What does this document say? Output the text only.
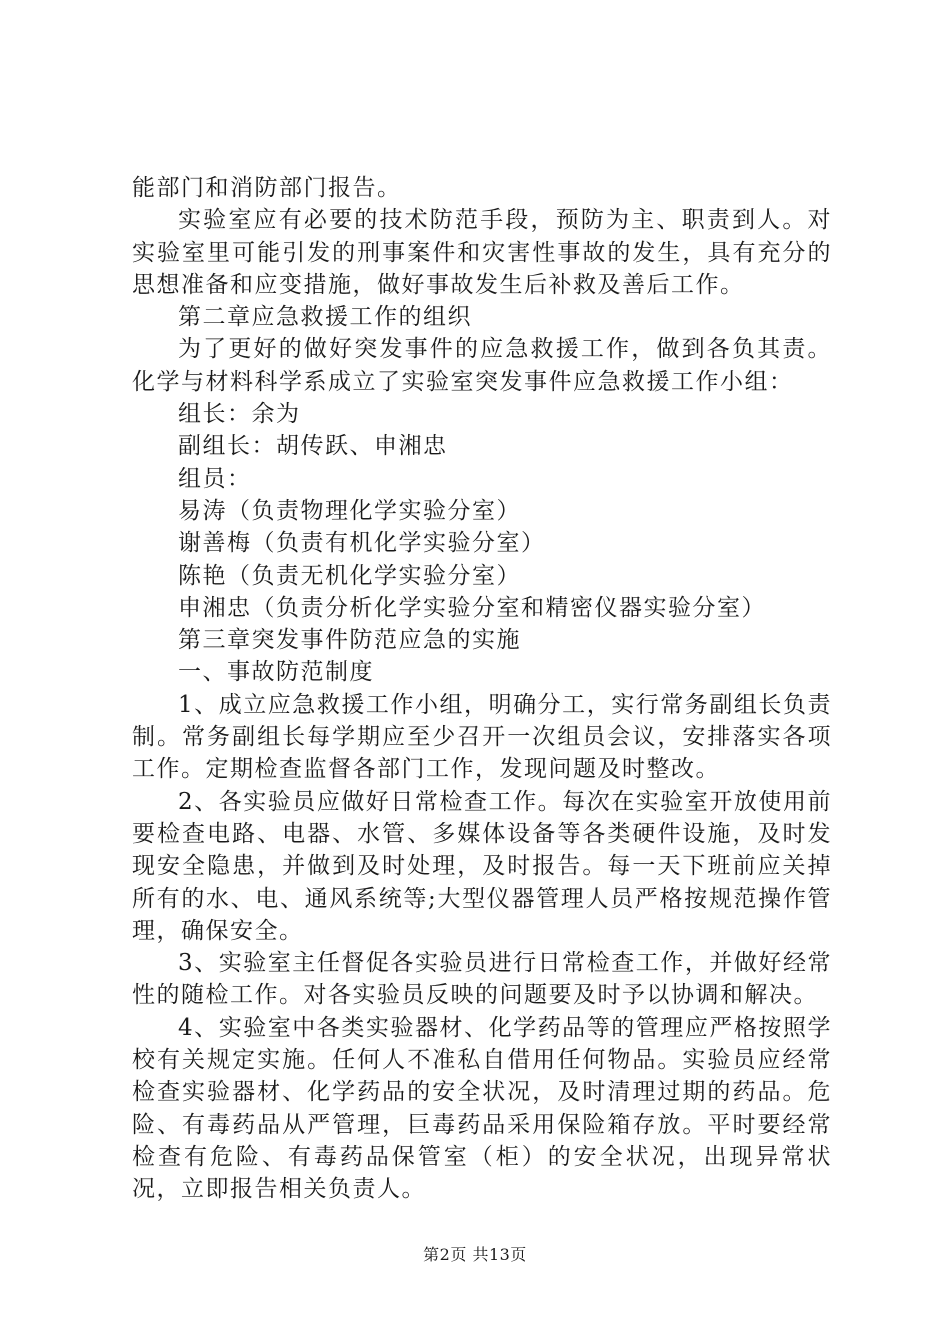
能部门和消防部门报告。

实验室应有必要的技术防范手段，预防为主、职责到人。对实验室里可能引发的刑事案件和灾害性事故的发生，具有充分的思想准备和应变措施，做好事故发生后补救及善后工作。

第二章应急救援工作的组织

为了更好的做好突发事件的应急救援工作，做到各负其责。化学与材料科学系成立了实验室突发事件应急救援工作小组：

组长：余为

副组长：胡传跃、申湘忠

组员：

易涛（负责物理化学实验分室）

谢善梅（负责有机化学实验分室）

陈艳（负责无机化学实验分室）

申湘忠（负责分析化学实验分室和精密仪器实验分室）

第三章突发事件防范应急的实施

一、事故防范制度

1、成立应急救援工作小组，明确分工，实行常务副组长负责制。常务副组长每学期应至少召开一次组员会议，安排落实各项工作。定期检查监督各部门工作，发现问题及时整改。

2、各实验员应做好日常检查工作。每次在实验室开放使用前要检查电路、电器、水管、多媒体设备等各类硬件设施，及时发现安全隐患，并做到及时处理，及时报告。每一天下班前应关掉所有的水、电、通风系统等;大型仪器管理人员严格按规范操作管理，确保安全。

3、实验室主任督促各实验员进行日常检查工作，并做好经常性的随检工作。对各实验员反映的问题要及时予以协调和解决。

4、实验室中各类实验器材、化学药品等的管理应严格按照学校有关规定实施。任何人不准私自借用任何物品。实验员应经常检查实验器材、化学药品的安全状况，及时清理过期的药品。危险、有毒药品从严管理，巨毒药品采用保险箱存放。平时要经常检查有危险、有毒药品保管室（柜）的安全状况，出现异常状况，立即报告相关负责人。

第2页 共13页
